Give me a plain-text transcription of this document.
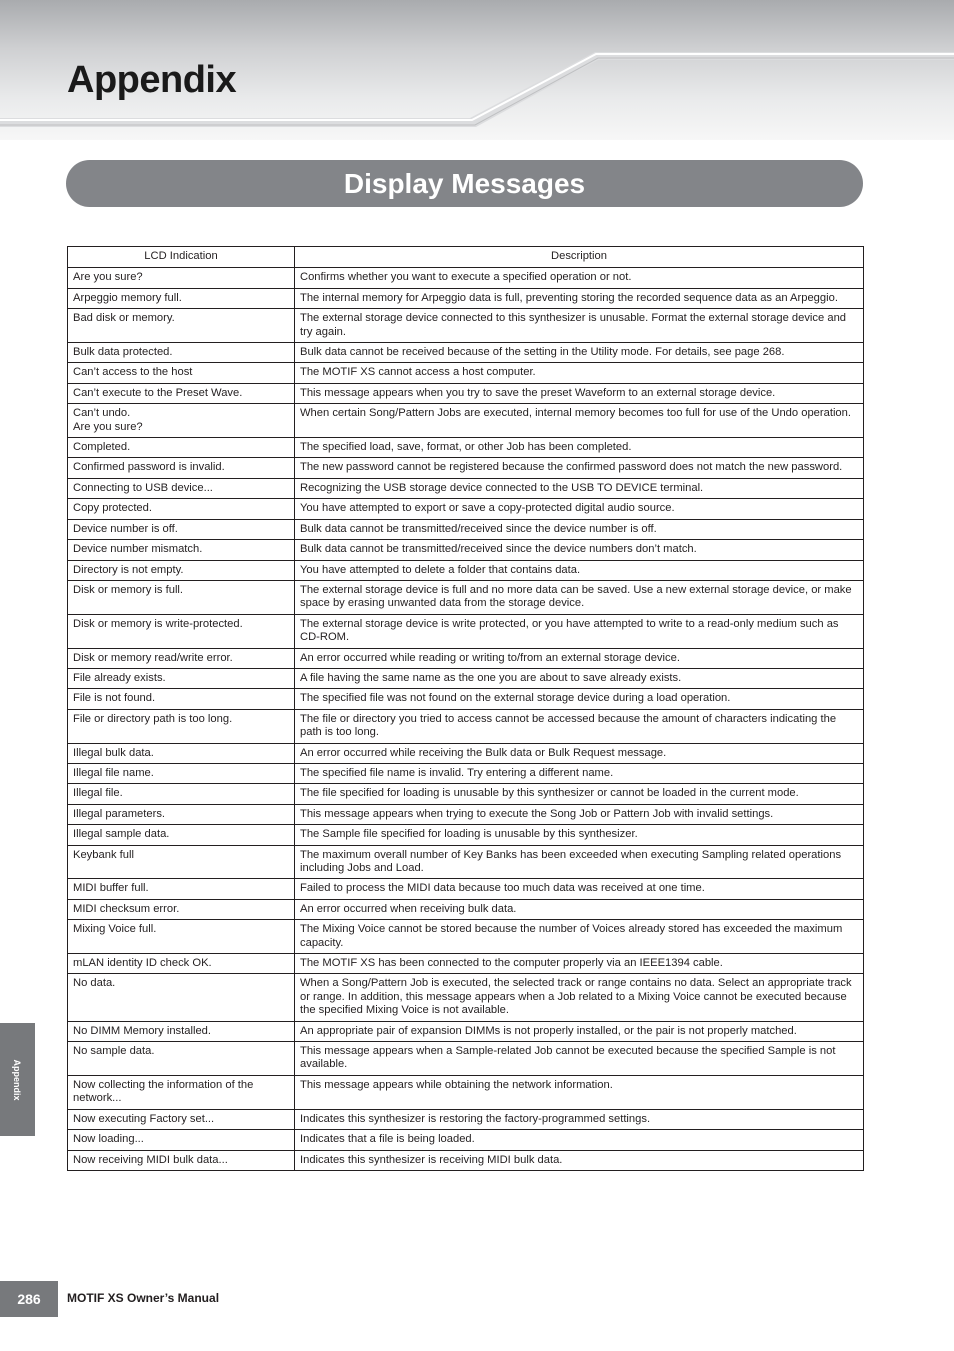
Appendix
Display Messages
LCD Indication	Description
Are you sure?	Confirms whether you want to execute a specified operation or not.
Arpeggio memory full.	The internal memory for Arpeggio data is full, preventing storing the recorded sequence data as an Arpeggio.
Bad disk or memory.	The external storage device connected to this synthesizer is unusable. Format the external storage device and try again.
Bulk data protected.	Bulk data cannot be received because of the setting in the Utility mode. For details, see page 268.
Can’t access to the host	The MOTIF XS cannot access a host computer.
Can’t execute to the Preset Wave.	This message appears when you try to save the preset Waveform to an external storage device.
Can’t undo.
Are you sure?	When certain Song/Pattern Jobs are executed, internal memory becomes too full for use of the Undo operation.
Completed.	The specified load, save, format, or other Job has been completed.
Confirmed password is invalid.	The new password cannot be registered because the confirmed password does not match the new password.
Connecting to USB device...	Recognizing the USB storage device connected to the USB TO DEVICE terminal.
Copy protected.	You have attempted to export or save a copy-protected digital audio source.
Device number is off.	Bulk data cannot be transmitted/received since the device number is off.
Device number mismatch.	Bulk data cannot be transmitted/received since the device numbers don’t match.
Directory is not empty.	You have attempted to delete a folder that contains data.
Disk or memory is full.	The external storage device is full and no more data can be saved. Use a new external storage device, or make space by erasing unwanted data from the storage device.
Disk or memory is write-protected.	The external storage device is write protected, or you have attempted to write to a read-only medium such as CD-ROM.
Disk or memory read/write error.	An error occurred while reading or writing to/from an external storage device.
File already exists.	A file having the same name as the one you are about to save already exists.
File is not found.	The specified file was not found on the external storage device during a load operation.
File or directory path is too long.	The file or directory you tried to access cannot be accessed because the amount of characters indicating the path is too long.
Illegal bulk data.	An error occurred while receiving the Bulk data or Bulk Request message.
Illegal file name.	The specified file name is invalid. Try entering a different name.
Illegal file.	The file specified for loading is unusable by this synthesizer or cannot be loaded in the current mode.
Illegal parameters.	This message appears when trying to execute the Song Job or Pattern Job with invalid settings.
Illegal sample data.	The Sample file specified for loading is unusable by this synthesizer.
Keybank full	The maximum overall number of Key Banks has been exceeded when executing Sampling related operations including Jobs and Load.
MIDI buffer full.	Failed to process the MIDI data because too much data was received at one time.
MIDI checksum error.	An error occurred when receiving bulk data.
Mixing Voice full.	The Mixing Voice cannot be stored because the number of Voices already stored has exceeded the maximum capacity.
mLAN identity ID check OK.	The MOTIF XS has been connected to the computer properly via an IEEE1394 cable.
No data.	When a Song/Pattern Job is executed, the selected track or range contains no data. Select an appropriate track or range. In addition, this message appears when a Job related to a Mixing Voice cannot be executed because the specified Mixing Voice is not available.
No DIMM Memory installed.	An appropriate pair of expansion DIMMs is not properly installed, or the pair is not properly matched.
No sample data.	This message appears when a Sample-related Job cannot be executed because the specified Sample is not available.
Now collecting the information of the network...	This message appears while obtaining the network information.
Now executing Factory set...	Indicates this synthesizer is restoring the factory-programmed settings.
Now loading...	Indicates that a file is being loaded.
Now receiving MIDI bulk data...	Indicates this synthesizer is receiving MIDI bulk data.
Appendix
286	MOTIF XS Owner’s Manual
